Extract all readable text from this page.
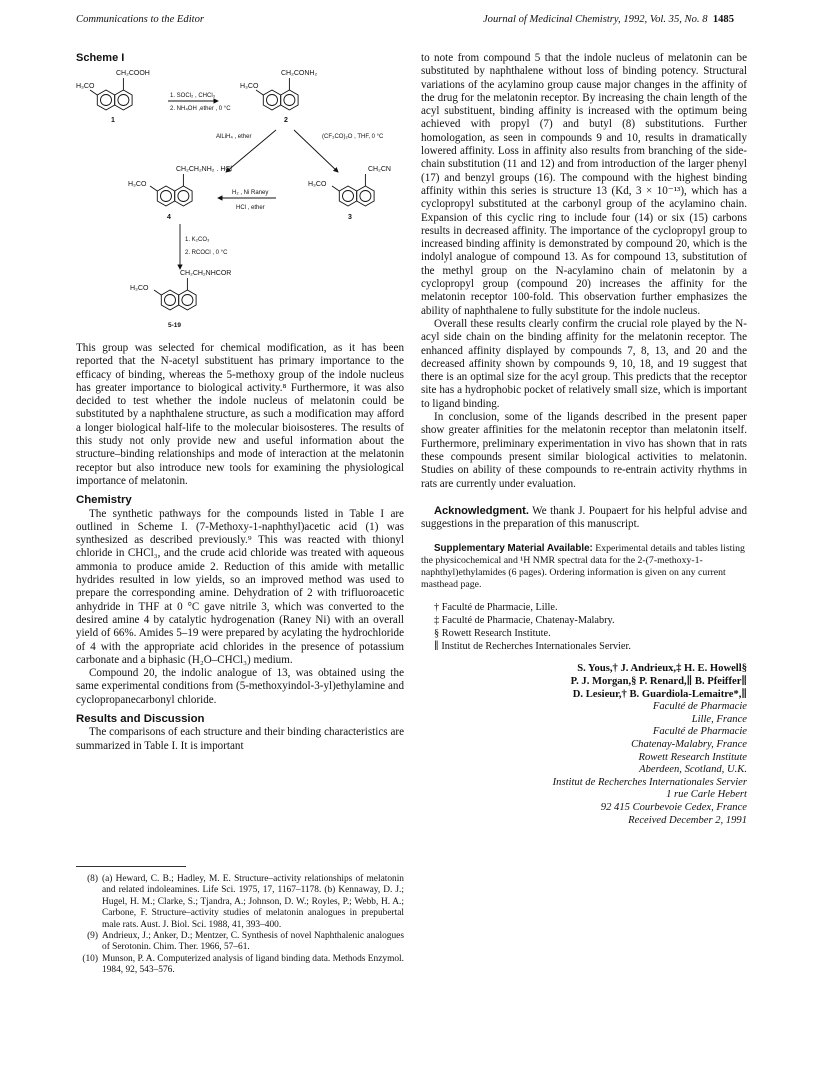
Communications to the Editor	Journal of Medicinal Chemistry, 1992, Vol. 35, No. 8 1485
Scheme I
H₃CO
CH₂COOH
1
1. SOCl₂ , CHCl₃
2. NH₄OH ,ether , 0 °C
H₃CO
CH₂CONH₂
2
AlLiH₄ , ether	(CF₃CO)₂O , THF, 0 °C
H₃CO
CH₂CH₂NH₂ . HCl
4
H₂ , Ni Raney
HCl , ether
H₃CO
CH₂CN
3
1. K₂CO₃
2. RCOCl , 0 °C
H₃CO
CH₂CH₂NHCOR
5-19

This group was selected for chemical modification, as it has been reported that the N-acetyl substituent has primary importance to the efficacy of binding, whereas the 5-methoxy group of the indole nucleus has greater importance to biological activity.⁸ Furthermore, it was also decided to test whether the indole nucleus of melatonin could be substituted by a naphthalene structure, as such a modification may afford a longer biological half-life to the molecular bioisosteres. The results of this study not only provide new and useful information about the structure–binding relationships and mode of interaction at the melatonin receptor but also introduce new tools for examining the physiological importance of melatonin.

Chemistry

The synthetic pathways for the compounds listed in Table I are outlined in Scheme I. (7-Methoxy-1-naphthyl)acetic acid (1) was synthesized as described previously.⁹ This was reacted with thionyl chloride in CHCl₃, and the crude acid chloride was treated with aqueous ammonia to produce amide 2. Reduction of this amide with metallic hydrides resulted in low yields, so an improved method was used to prepare the corresponding amine. Dehydration of 2 with trifluoroacetic anhydride in THF at 0 °C gave nitrile 3, which was converted to the desired amine 4 by catalytic hydrogenation (Raney Ni) with an overall yield of 66%. Amides 5–19 were prepared by acylating the hydrochloride of 4 with the appropriate acid chlorides in the presence of potassium carbonate and a biphasic (H₂O–CHCl₃) medium.

Compound 20, the indolic analogue of 13, was obtained using the same experimental conditions from (5-methoxyindol-3-yl)ethylamine and cyclopropanecarbonyl chloride.

Results and Discussion

The comparisons of each structure and their binding characteristics are summarized in Table I. It is important

(8) (a) Heward, C. B.; Hadley, M. E. Structure–activity relationships of melatonin and related indoleamines. Life Sci. 1975, 17, 1167–1178. (b) Kennaway, D. J.; Hugel, H. M.; Clarke, S.; Tjandra, A.; Johnson, D. W.; Royles, P.; Webb, H. A.; Carbone, F. Structure–activity studies of melatonin analogues in prepubertal male rats. Aust. J. Biol. Sci. 1988, 41, 393–400.
(9) Andrieux, J.; Anker, D.; Mentzer, C. Synthesis of novel Naphthalenic analogues of Serotonin. Chim. Ther. 1966, 57–61.
(10) Munson, P. A. Computerized analysis of ligand binding data. Methods Enzymol. 1984, 92, 543–576.

to note from compound 5 that the indole nucleus of melatonin can be substituted by naphthalene without loss of binding potency. Structural variations of the acylamino group cause major changes in the affinity of the drug for the melatonin receptor. By increasing the chain length of the acyl substituent, binding affinity is increased with the optimum being achieved with propyl (7) and butyl (8) substitutions. Further homologation, as seen in compounds 9 and 10, results in dramatically lowered affinity. Loss in affinity also results from branching of the side-chain substitution (11 and 12) and from introduction of the larger phenyl (17) and benzyl groups (16). The compound with the highest binding affinity within this series is structure 13 (Kd, 3 × 10⁻¹³), which has a cyclopropyl substituted at the carbonyl group of the acylamino chain. Expansion of this cyclic ring to include four (14) or six (15) carbons results in decreased affinity. The importance of the cyclopropyl group to increased binding affinity is demonstrated by compound 20, which is the indolyl analogue of compound 13. As for compound 13, substitution of the methyl group on the N-acylamino chain of melatonin by a cyclopropyl group (compound 20) increases the affinity for the melatonin receptor 100-fold. This observation further emphasizes the ability of naphthalene to fully substitute for the indole nucleus.

Overall these results clearly confirm the crucial role played by the N-acyl side chain on the binding affinity for the melatonin receptor. The enhanced affinity displayed by compounds 7, 8, 13, and 20 and the decreased affinity shown by compounds 9, 10, 18, and 19 suggest that there is an optimal size for the acyl group. This predicts that the receptor site has a hydrophobic pocket of relatively small size, which is important to ligand binding.

In conclusion, some of the ligands described in the present paper show greater affinities for the melatonin receptor than melatonin itself. Furthermore, preliminary experimentation in vivo has shown that in rats these compounds present similar biological activities to melatonin. Studies on ability of these compounds to re-entrain activity rhythms in rats are currently under evaluation.

Acknowledgment. We thank J. Poupaert for his helpful advise and suggestions in the preparation of this manuscript.

Supplementary Material Available: Experimental details and tables listing the physicochemical and ¹H NMR spectral data for the 2-(7-methoxy-1-naphthyl)ethylamides (6 pages). Ordering information is given on any current masthead page.

† Faculté de Pharmacie, Lille.

‡ Faculté de Pharmacie, Chatenay-Malabry.

§ Rowett Research Institute.

∥ Institut de Recherches Internationales Servier.

S. Yous,† J. Andrieux,‡ H. E. Howell§
P. J. Morgan,§ P. Renard,∥ B. Pfeiffer∥
D. Lesieur,† B. Guardiola-Lemaitre*,∥
Faculté de Pharmacie
Lille, France
Faculté de Pharmacie
Chatenay-Malabry, France
Rowett Research Institute
Aberdeen, Scotland, U.K.
Institut de Recherches Internationales Servier
1 rue Carle Hebert
92 415 Courbevoie Cedex, France
Received December 2, 1991
